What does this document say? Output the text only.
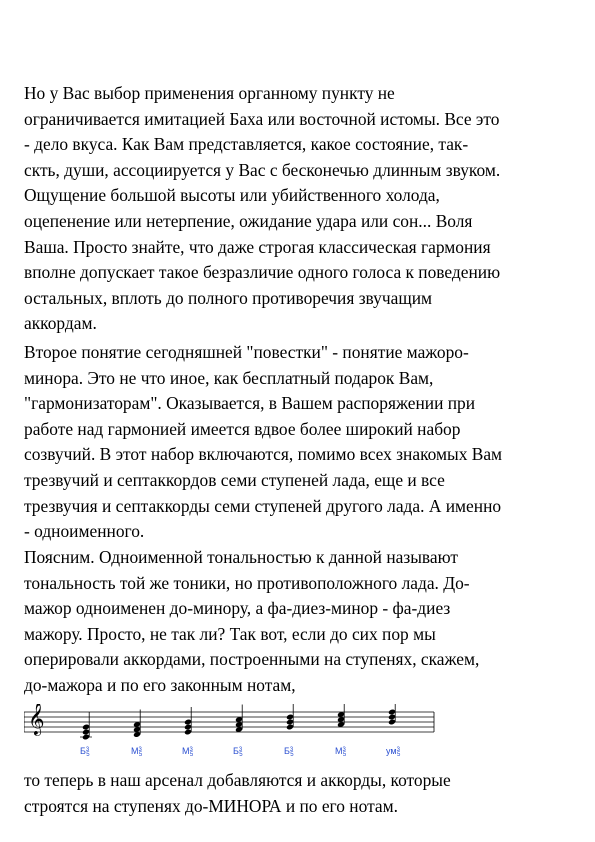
Но у Вас выбор применения органному пункту не
ограничивается имитацией Баха или восточной истомы. Все это
- дело вкуса. Как Вам представляется, какое состояние, так-
скть, души, ассоциируется у Вас с бесконечью длинным звуком.
Ощущение большой высоты или убийственного холода,
оцепенение или нетерпение, ожидание удара или сон... Воля
Ваша. Просто знайте, что даже строгая классическая гармония
вполне допускает такое безразличие одного голоса к поведению
остальных, вплоть до полного противоречия звучащим
аккордам.
Второе понятие сегодняшней "повестки" - понятие мажоро-
минора. Это не что иное, как бесплатный подарок Вам,
"гармонизаторам". Оказывается, в Вашем распоряжении при
работе над гармонией имеется вдвое более широкий набор
созвучий. В этот набор включаются, помимо всех знакомых Вам
трезвучий и септаккордов семи ступеней лада, еще и все
трезвучия и септаккорды семи ступеней другого лада. А именно
- одноименного.
Поясним. Одноименной тональностью к данной называют
тональность той же тоники, но противоположного лада. До-
мажор одноименен до-минору, а фа-диез-минор - фа-диез
мажору. Просто, не так ли? Так вот, если до сих пор мы
оперировали аккордами, построенными на ступенях, скажем,
до-мажора и по его законным нотам,
𝄞
$Б^3$ 5	$М^3$ 5	$М^3$ 5	$Б^3$ 5	$Б^3$ 5	$М^3$ 5	$ум^3$ 5
то теперь в наш арсенал добавляются и аккорды, которые
строятся на ступенях до-МИНОРА и по его нотам.
